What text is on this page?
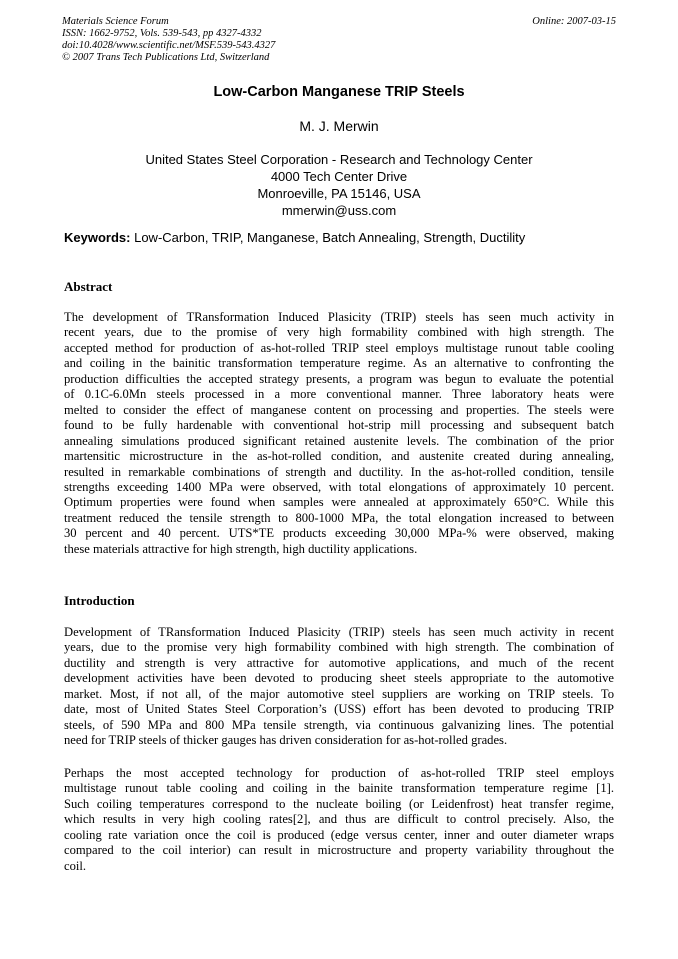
Materials Science Forum
ISSN: 1662-9752, Vols. 539-543, pp 4327-4332
doi:10.4028/www.scientific.net/MSF.539-543.4327
© 2007 Trans Tech Publications Ltd, Switzerland
Online: 2007-03-15
Low-Carbon Manganese TRIP Steels
M. J. Merwin
United States Steel Corporation - Research and Technology Center
4000 Tech Center Drive
Monroeville, PA 15146, USA
mmerwin@uss.com
Keywords: Low-Carbon, TRIP, Manganese, Batch Annealing, Strength, Ductility
Abstract
The development of TRansformation Induced Plasicity (TRIP) steels has seen much activity in
recent years, due to the promise of very high formability combined with high strength. The
accepted method for production of as-hot-rolled TRIP steel employs multistage runout table cooling
and coiling in the bainitic transformation temperature regime. As an alternative to confronting the
production difficulties the accepted strategy presents, a program was begun to evaluate the potential
of 0.1C-6.0Mn steels processed in a more conventional manner. Three laboratory heats were
melted to consider the effect of manganese content on processing and properties. The steels were
found to be fully hardenable with conventional hot-strip mill processing and subsequent batch
annealing simulations produced significant retained austenite levels. The combination of the prior
martensitic microstructure in the as-hot-rolled condition, and austenite created during annealing,
resulted in remarkable combinations of strength and ductility. In the as-hot-rolled condition, tensile
strengths exceeding 1400 MPa were observed, with total elongations of approximately 10 percent.
Optimum properties were found when samples were annealed at approximately 650°C. While this
treatment reduced the tensile strength to 800-1000 MPa, the total elongation increased to between
30 percent and 40 percent. UTS*TE products exceeding 30,000 MPa-% were observed, making
these materials attractive for high strength, high ductility applications.
Introduction
Development of TRansformation Induced Plasicity (TRIP) steels has seen much activity in recent
years, due to the promise very high formability combined with high strength. The combination of
ductility and strength is very attractive for automotive applications, and much of the recent
development activities have been devoted to producing sheet steels appropriate to the automotive
market. Most, if not all, of the major automotive steel suppliers are working on TRIP steels. To
date, most of United States Steel Corporation’s (USS) effort has been devoted to producing TRIP
steels, of 590 MPa and 800 MPa tensile strength, via continuous galvanizing lines. The potential
need for TRIP steels of thicker gauges has driven consideration for as-hot-rolled grades.
Perhaps the most accepted technology for production of as-hot-rolled TRIP steel employs
multistage runout table cooling and coiling in the bainite transformation temperature regime [1].
Such coiling temperatures correspond to the nucleate boiling (or Leidenfrost) heat transfer regime,
which results in very high cooling rates[2], and thus are difficult to control precisely. Also, the
cooling rate variation once the coil is produced (edge versus center, inner and outer diameter wraps
compared to the coil interior) can result in microstructure and property variability throughout the
coil.
